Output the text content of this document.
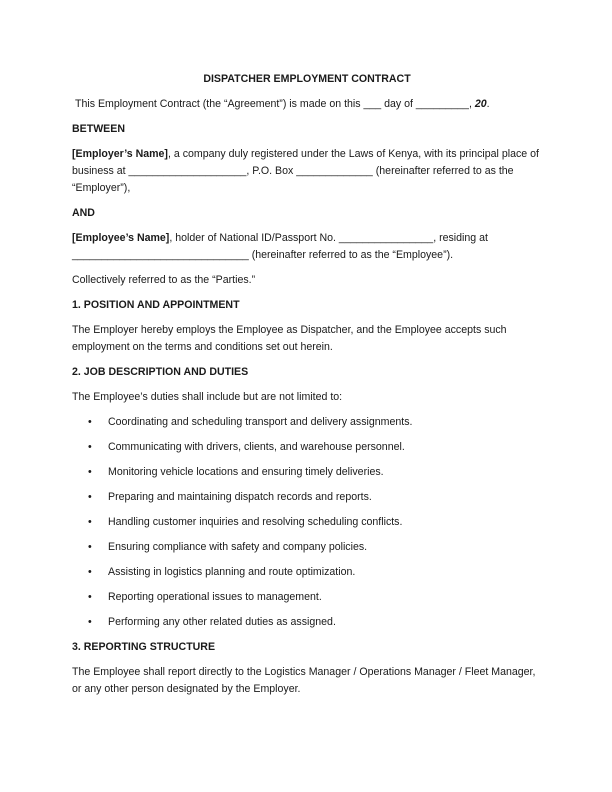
DISPATCHER EMPLOYMENT CONTRACT

This Employment Contract (the “Agreement”) is made on this ___ day of _________, 20.

BETWEEN

[Employer’s Name], a company duly registered under the Laws of Kenya, with its principal place of business at ____________________, P.O. Box _____________ (hereinafter referred to as the “Employer”),

AND

[Employee’s Name], holder of National ID/Passport No. ________________, residing at ______________________________ (hereinafter referred to as the “Employee”).

Collectively referred to as the “Parties.”

1. POSITION AND APPOINTMENT

The Employer hereby employs the Employee as Dispatcher, and the Employee accepts such employment on the terms and conditions set out herein.

2. JOB DESCRIPTION AND DUTIES

The Employee’s duties shall include but are not limited to:

• Coordinating and scheduling transport and delivery assignments.
• Communicating with drivers, clients, and warehouse personnel.
• Monitoring vehicle locations and ensuring timely deliveries.
• Preparing and maintaining dispatch records and reports.
• Handling customer inquiries and resolving scheduling conflicts.
• Ensuring compliance with safety and company policies.
• Assisting in logistics planning and route optimization.
• Reporting operational issues to management.
• Performing any other related duties as assigned.
3. REPORTING STRUCTURE

The Employee shall report directly to the Logistics Manager / Operations Manager / Fleet Manager, or any other person designated by the Employer.
